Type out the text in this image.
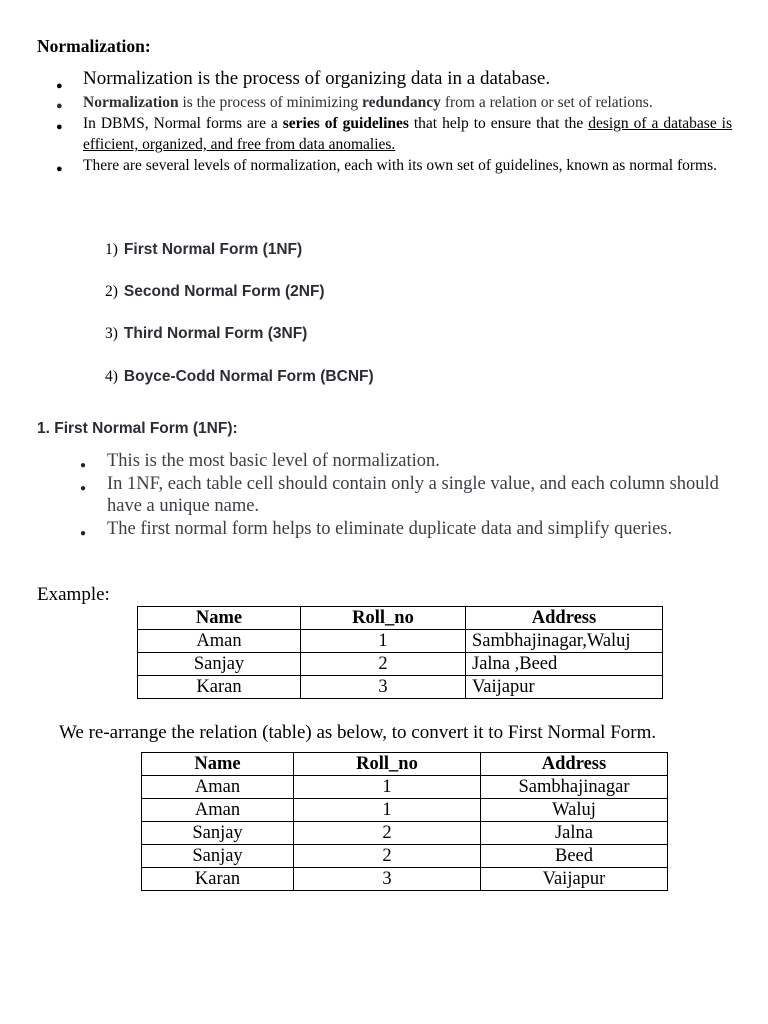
Normalization:
● Normalization is the process of organizing data in a database.
● Normalization is the process of minimizing redundancy from a relation or set of relations.
● In DBMS, Normal forms are a series of guidelines that help to ensure that the design of a database is efficient, organized, and free from data anomalies.
● There are several levels of normalization, each with its own set of guidelines, known as normal forms.
1) First Normal Form (1NF)
2) Second Normal Form (2NF)
3) Third Normal Form (3NF)
4) Boyce-Codd Normal Form (BCNF)
1. First Normal Form (1NF):
● This is the most basic level of normalization.
● In 1NF, each table cell should contain only a single value, and each column should have a unique name.
● The first normal form helps to eliminate duplicate data and simplify queries.
Example:
Name	Roll_no	Address
Aman	1	Sambhajinagar,Waluj
Sanjay	2	Jalna ,Beed
Karan	3	Vaijapur
We re-arrange the relation (table) as below, to convert it to First Normal Form.
Name	Roll_no	Address
Aman	1	Sambhajinagar
Aman	1	Waluj
Sanjay	2	Jalna
Sanjay	2	Beed
Karan	3	Vaijapur
